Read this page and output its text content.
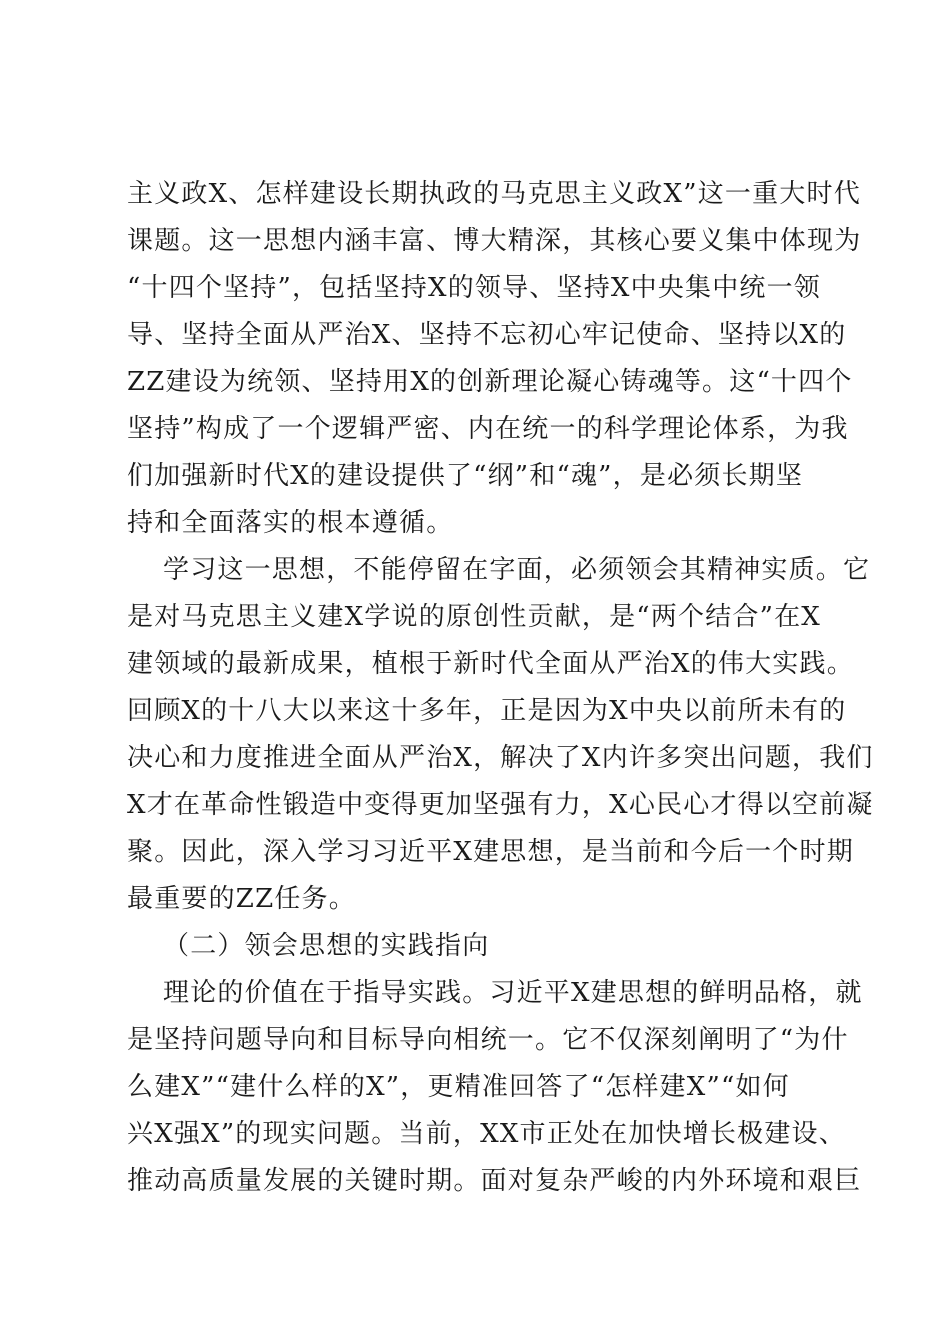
主义政X、怎样建设长期执政的马克思主义政X”这一重大时代
课题。这一思想内涵丰富、博大精深，其核心要义集中体现为
“十四个坚持”，包括坚持X的领导、坚持X中央集中统一领
导、坚持全面从严治X、坚持不忘初心牢记使命、坚持以X的
ZZ建设为统领、坚持用X的创新理论凝心铸魂等。这“十四个
坚持”构成了一个逻辑严密、内在统一的科学理论体系，为我
们加强新时代X的建设提供了“纲”和“魂”，是必须长期坚
持和全面落实的根本遵循。
学习这一思想，不能停留在字面，必须领会其精神实质。它
是对马克思主义建X学说的原创性贡献，是“两个结合”在X
建领域的最新成果，植根于新时代全面从严治X的伟大实践。
回顾X的十八大以来这十多年，正是因为X中央以前所未有的
决心和力度推进全面从严治X，解决了X内许多突出问题，我们
X才在革命性锻造中变得更加坚强有力，X心民心才得以空前凝
聚。因此，深入学习习近平X建思想，是当前和今后一个时期
最重要的ZZ任务。
（二）领会思想的实践指向
理论的价值在于指导实践。习近平X建思想的鲜明品格，就
是坚持问题导向和目标导向相统一。它不仅深刻阐明了“为什
么建X”“建什么样的X”，更精准回答了“怎样建X”“如何
兴X强X”的现实问题。当前，XX市正处在加快增长极建设、
推动高质量发展的关键时期。面对复杂严峻的内外环境和艰巨
